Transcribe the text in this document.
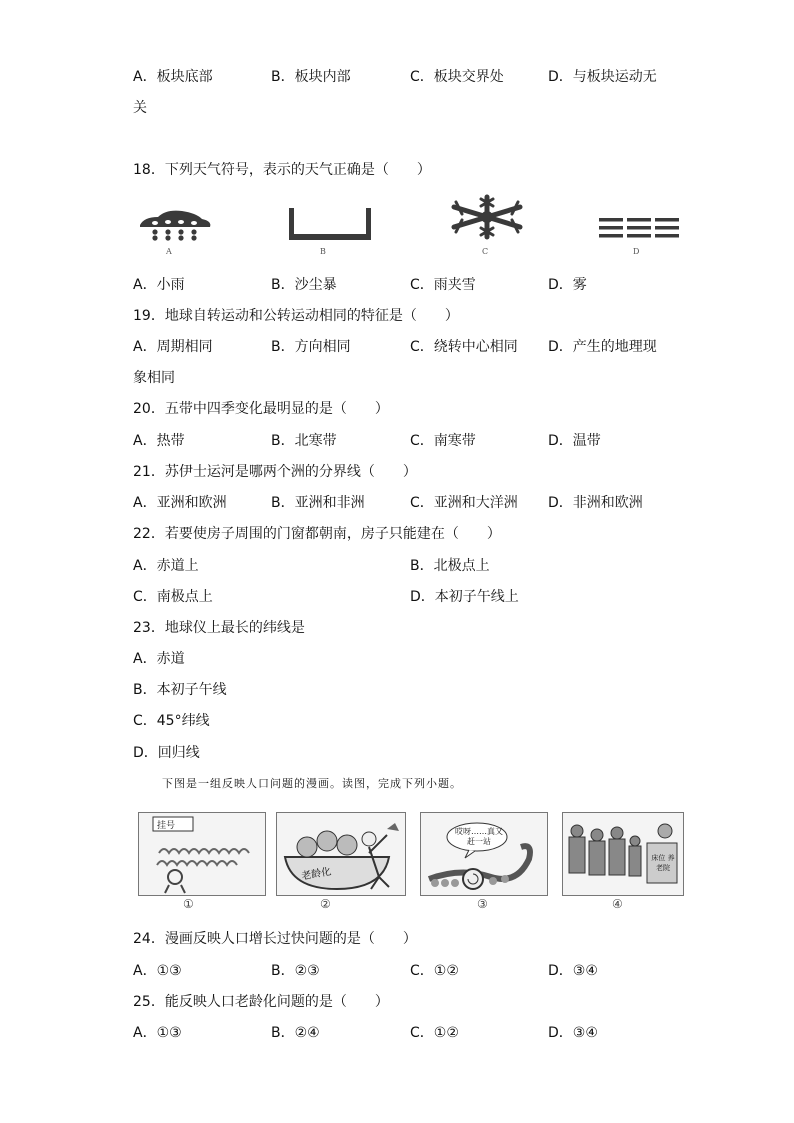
A．板块底部	B．板块内部	C．板块交界处	D．与板块运动无
关
18．下列天气符号，表示的天气正确是（　　）
A	B	C	D
A．小雨	B．沙尘暴	C．雨夹雪	D．雾
19．地球自转运动和公转运动相同的特征是（　　）
A．周期相同	B．方向相同	C．绕转中心相同 D．产生的地理现
象相同
20．五带中四季变化最明显的是（　　）
A．热带	B．北寒带	C．南寒带	D．温带
21．苏伊士运河是哪两个洲的分界线（　　）
A．亚洲和欧洲	B．亚洲和非洲	C．亚洲和大洋洲 D．非洲和欧洲
22．若要使房子周围的门窗都朝南，房子只能建在（　　）
A．赤道上	B．北极点上
C．南极点上	D．本初子午线上
23．地球仪上最长的纬线是
A．赤道
B．本初子午线
C．45°纬线
D．回归线
下图是一组反映人口问题的漫画。读图，完成下列小题。
挂号
①
老龄化
②
哎呀……真又赶一站
③
床位 养老院
④
24．漫画反映人口增长过快问题的是（　　）
A．①③	B．②③	C．①②	D．③④
25．能反映人口老龄化问题的是（　　）
A．①③	B．②④	C．①②	D．③④
